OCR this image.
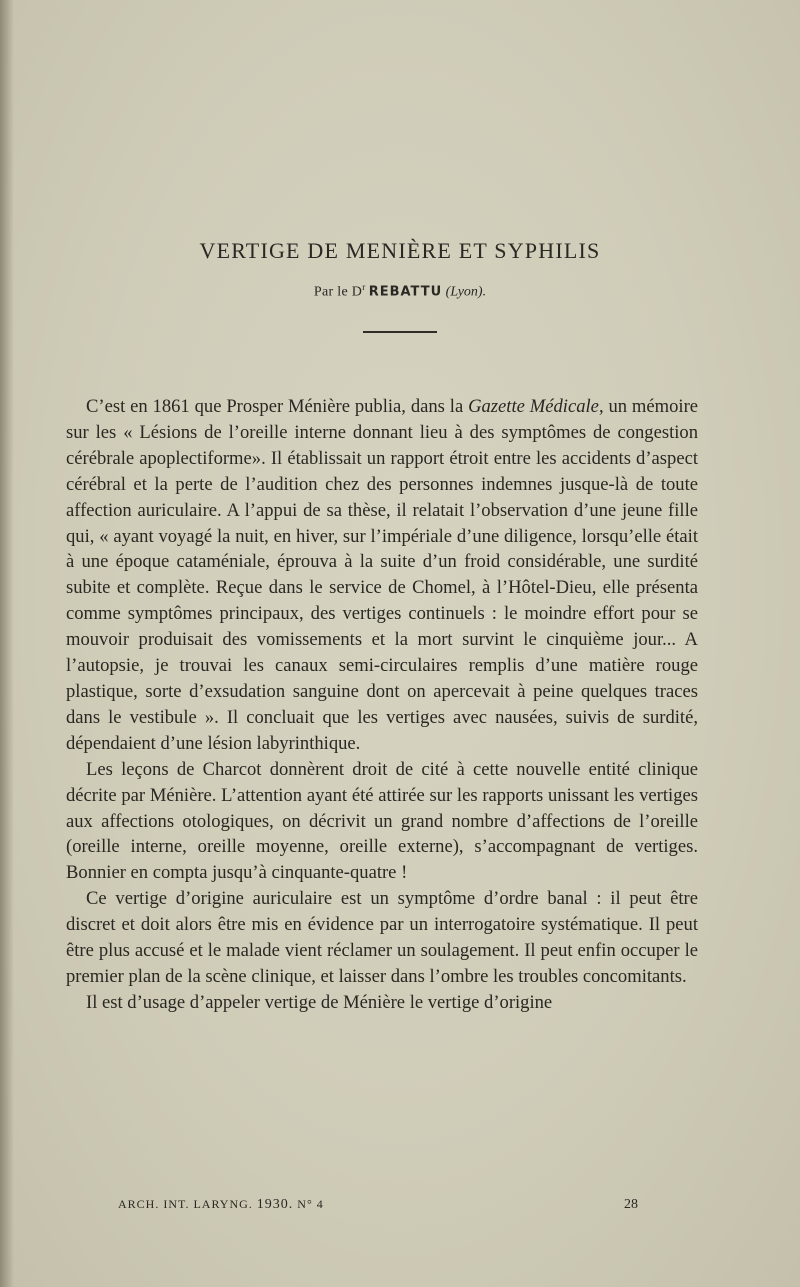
VERTIGE DE MENIÈRE ET SYPHILIS
Par le $D^r$ REBATTU (Lyon).

C’est en 1861 que Prosper Ménière publia, dans la Gazette Médicale, un mémoire sur les « Lésions de l’oreille interne donnant lieu à des symptômes de congestion cérébrale apoplectiforme». Il établissait un rapport étroit entre les accidents d’aspect cérébral et la perte de l’audition chez des personnes indemnes jusque-là de toute affection auriculaire. A l’appui de sa thèse, il relatait l’observation d’une jeune fille qui, « ayant voyagé la nuit, en hiver, sur l’impériale d’une diligence, lorsqu’elle était à une époque cataméniale, éprouva à la suite d’un froid considérable, une surdité subite et complète. Reçue dans le service de Chomel, à l’Hôtel-Dieu, elle présenta comme symptômes principaux, des vertiges continuels : le moindre effort pour se mouvoir produisait des vomissements et la mort survint le cinquième jour... A l’autopsie, je trouvai les canaux semi-circulaires remplis d’une matière rouge plastique, sorte d’exsudation sanguine dont on apercevait à peine quelques traces dans le vestibule ». Il concluait que les vertiges avec nausées, suivis de surdité, dépendaient d’une lésion labyrinthique.

Les leçons de Charcot donnèrent droit de cité à cette nouvelle entité clinique décrite par Ménière. L’attention ayant été attirée sur les rapports unissant les vertiges aux affections otologiques, on décrivit un grand nombre d’affections de l’oreille (oreille interne, oreille moyenne, oreille externe), s’accompagnant de vertiges. Bonnier en compta jusqu’à cinquante-quatre !

Ce vertige d’origine auriculaire est un symptôme d’ordre banal : il peut être discret et doit alors être mis en évidence par un interrogatoire systématique. Il peut être plus accusé et le malade vient réclamer un soulagement. Il peut enfin occuper le premier plan de la scène clinique, et laisser dans l’ombre les troubles concomitants.

Il est d’usage d’appeler vertige de Ménière le vertige d’origine

ARCH. INT. LARYNG. 1930. N° 4	28
